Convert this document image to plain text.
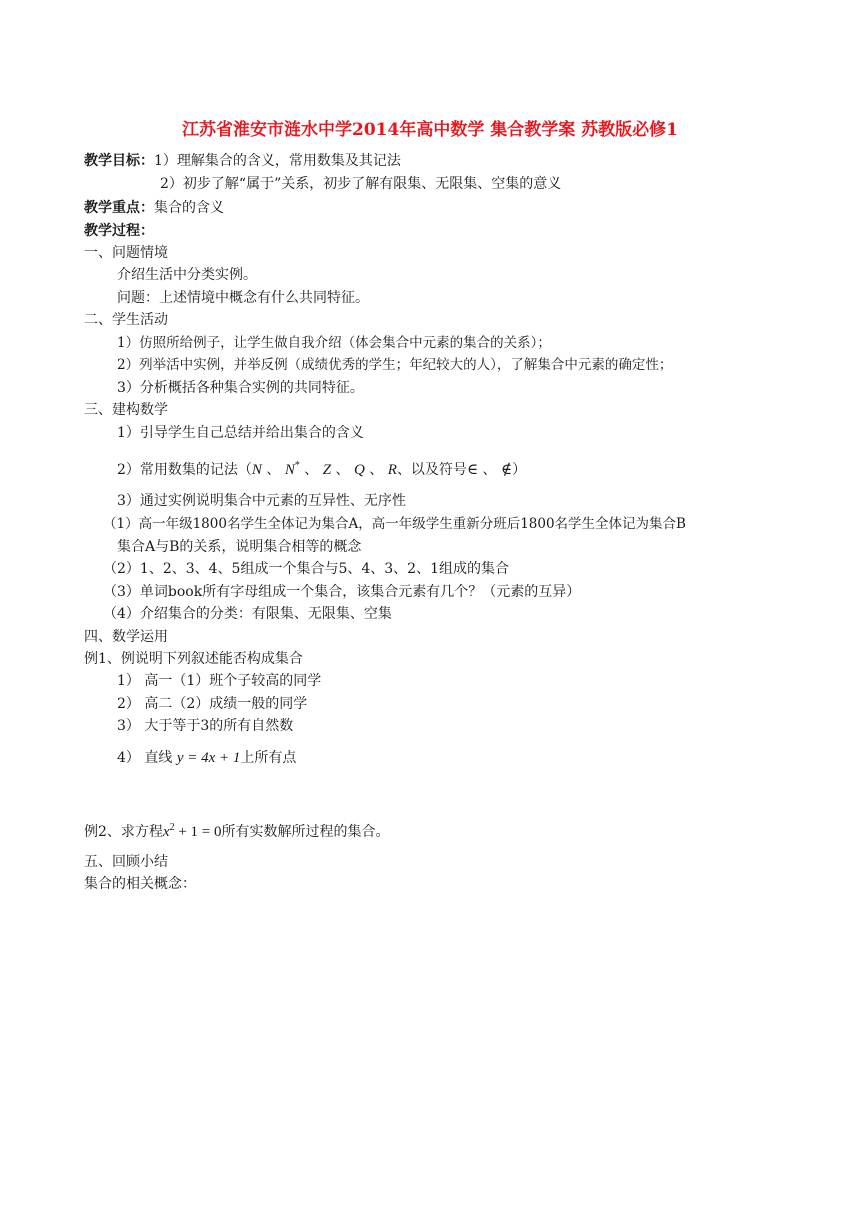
江苏省淮安市涟水中学2014年高中数学 集合教学案 苏教版必修1
教学目标：1）理解集合的含义，常用数集及其记法
2）初步了解“属于”关系，初步了解有限集、无限集、空集的意义
教学重点：集合的含义
教学过程：
一、问题情境
介绍生活中分类实例。
问题：上述情境中概念有什么共同特征。
二、学生活动
1）仿照所给例子，让学生做自我介绍（体会集合中元素的集合的关系）；
2）列举活中实例，并举反例（成绩优秀的学生；年纪较大的人），了解集合中元素的确定性；
3）分析概括各种集合实例的共同特征。
三、建构数学
1）引导学生自己总结并给出集合的含义
2）常用数集的记法（N 、 N* 、 Z 、 Q 、 R、以及符号∈ 、 ∉）
3）通过实例说明集合中元素的互异性、无序性
（1）高一年级1800名学生全体记为集合A，高一年级学生重新分班后1800名学生全体记为集合B
集合A与B的关系，说明集合相等的概念
（2）1、2、3、4、5组成一个集合与5、4、3、2、1组成的集合
（3）单词book所有字母组成一个集合，该集合元素有几个？（元素的互异）
（4）介绍集合的分类：有限集、无限集、空集
四、数学运用
例1、例说明下列叙述能否构成集合
1） 高一（1）班个子较高的同学
2） 高二（2）成绩一般的同学
3） 大于等于3的所有自然数
4） 直线 y = 4x + 1上所有点
例2、求方程$x^2 + 1 = 0$所有实数解所过程的集合。
五、回顾小结
集合的相关概念：
